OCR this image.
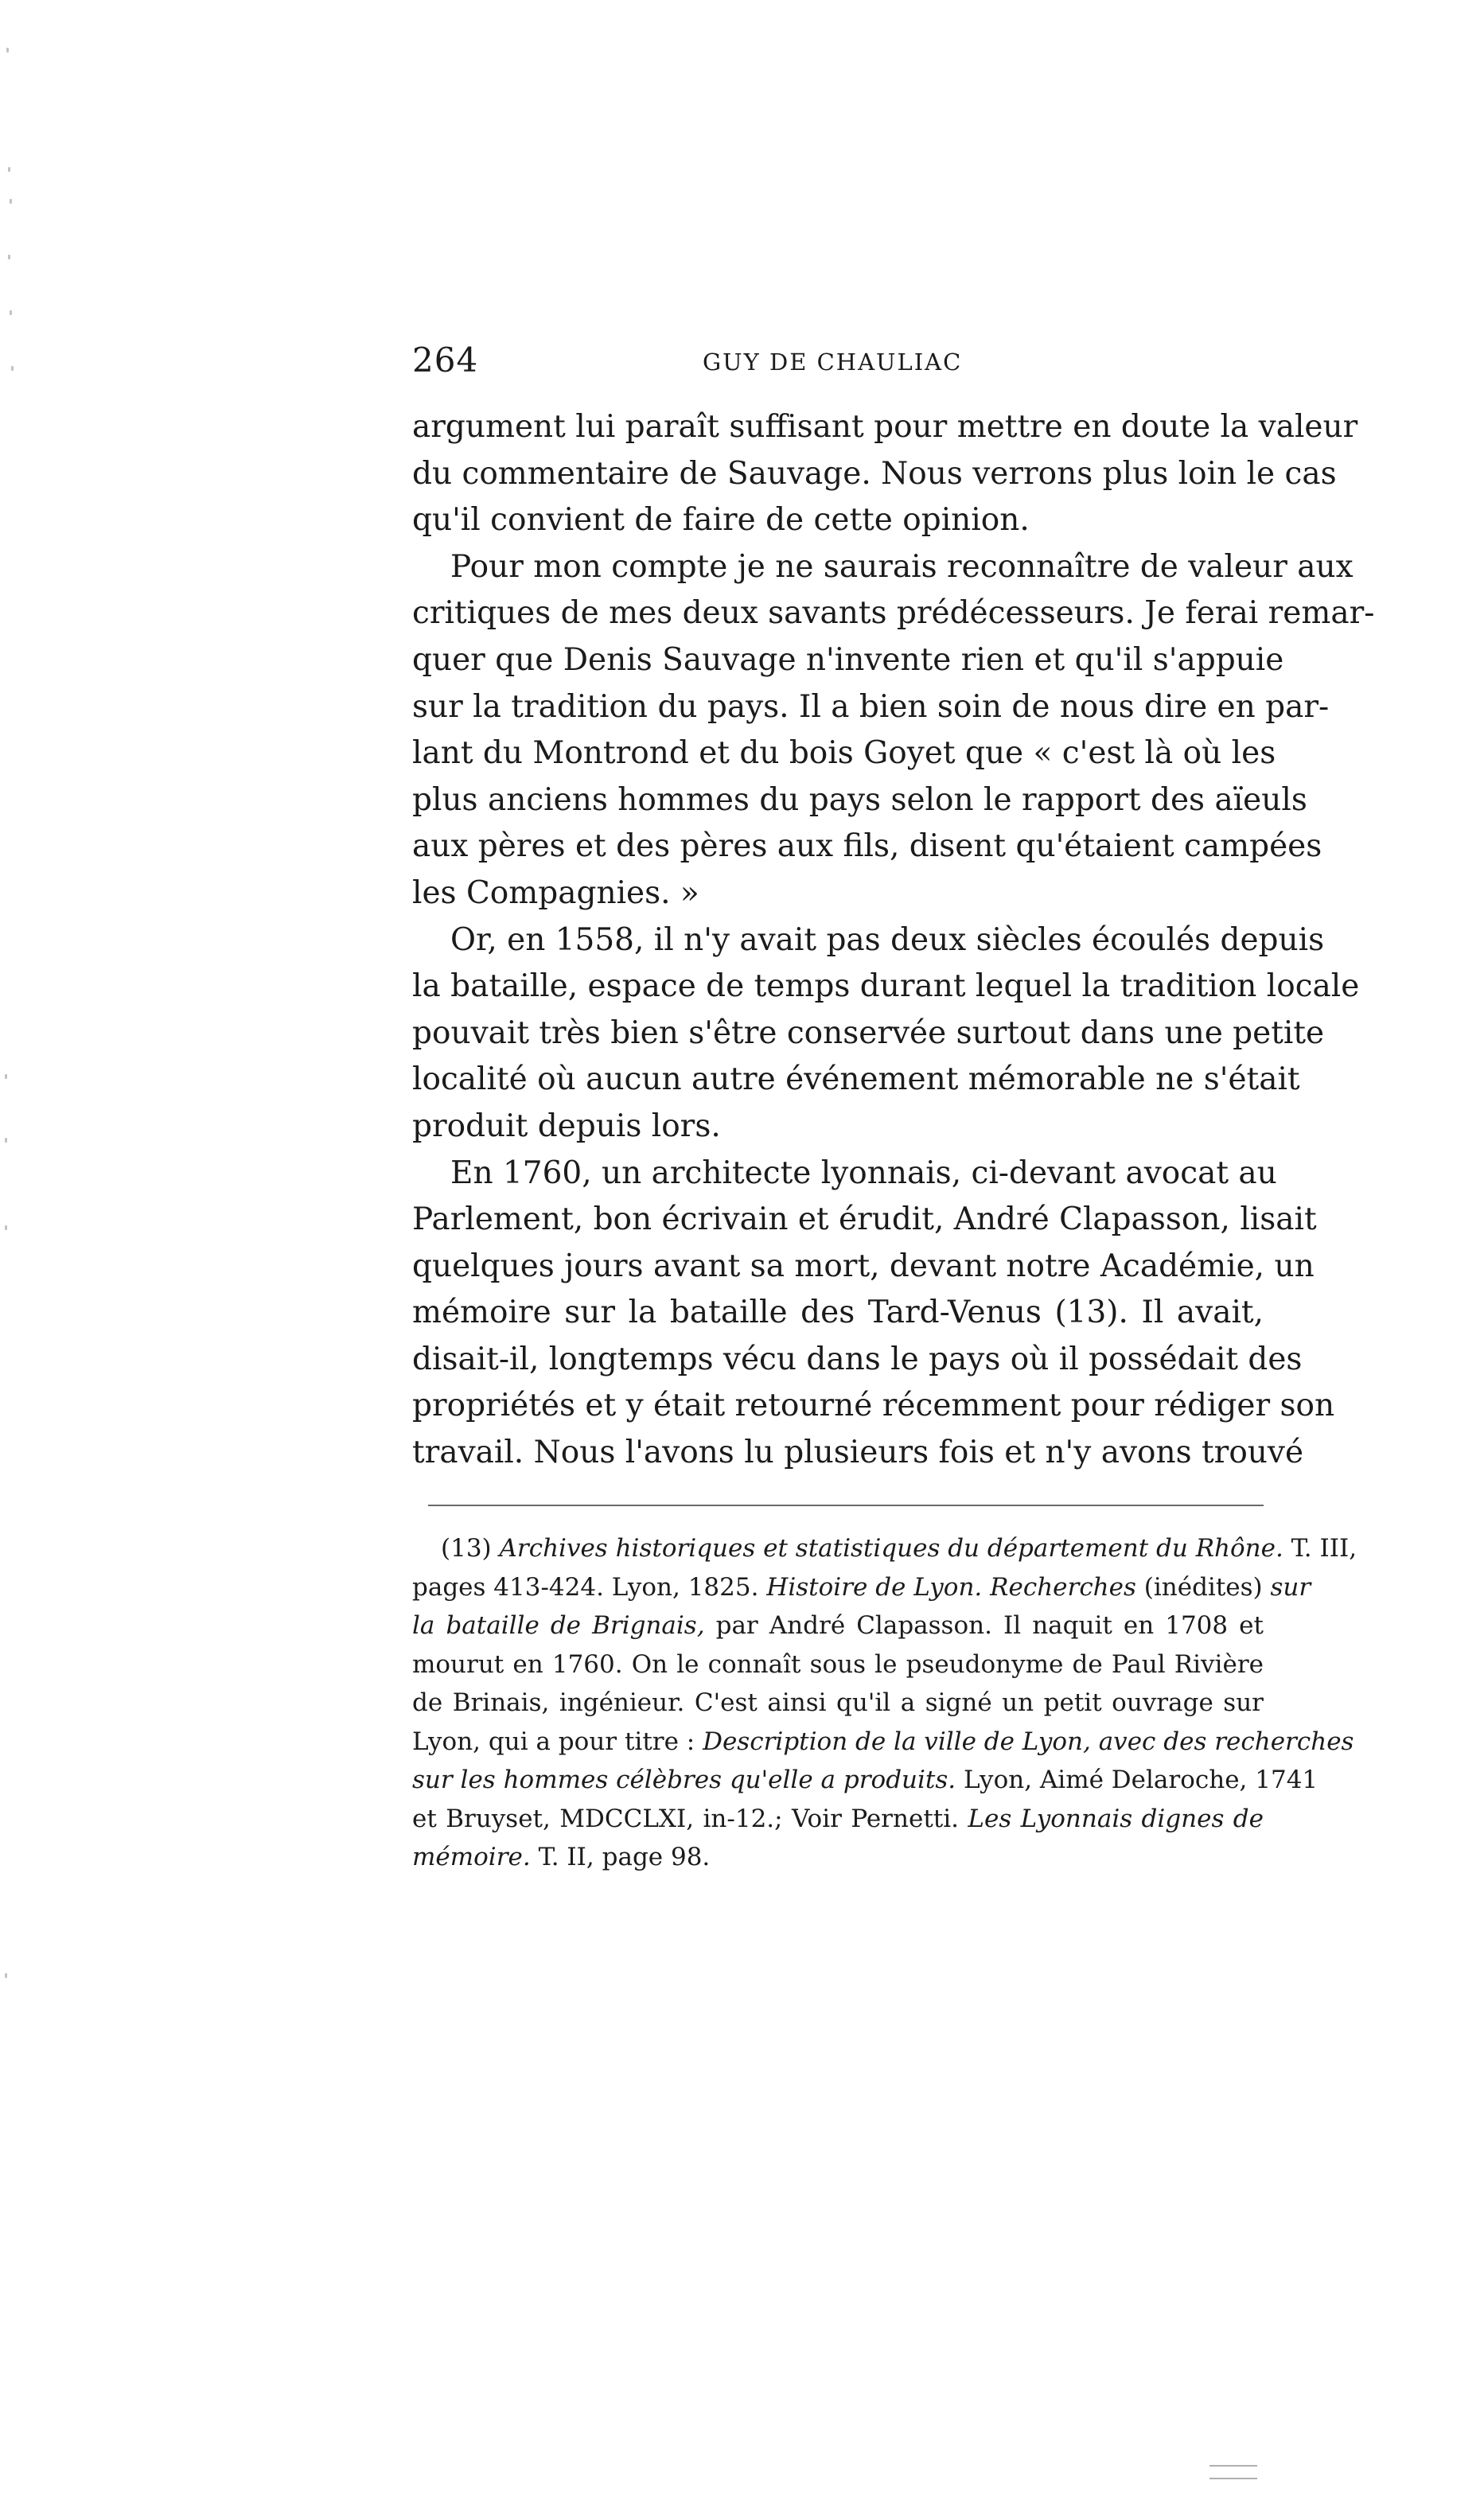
264	GUY DE CHAULIAC
argument lui paraît suffisant pour mettre en doute la valeur
du commentaire de Sauvage. Nous verrons plus loin le cas
qu'il convient de faire de cette opinion.
Pour mon compte je ne saurais reconnaître de valeur aux
critiques de mes deux savants prédécesseurs. Je ferai remar-
quer que Denis Sauvage n'invente rien et qu'il s'appuie
sur la tradition du pays. Il a bien soin de nous dire en par-
lant du Montrond et du bois Goyet que « c'est là où les
plus anciens hommes du pays selon le rapport des aïeuls
aux pères et des pères aux fils, disent qu'étaient campées
les Compagnies. »
Or, en 1558, il n'y avait pas deux siècles écoulés depuis
la bataille, espace de temps durant lequel la tradition locale
pouvait très bien s'être conservée surtout dans une petite
localité où aucun autre événement mémorable ne s'était
produit depuis lors.
En 1760, un architecte lyonnais, ci-devant avocat au
Parlement, bon écrivain et érudit, André Clapasson, lisait
quelques jours avant sa mort, devant notre Académie, un
mémoire sur la bataille des Tard-Venus (13). Il avait,
disait-il, longtemps vécu dans le pays où il possédait des
propriétés et y était retourné récemment pour rédiger son
travail. Nous l'avons lu plusieurs fois et n'y avons trouvé
(13) Archives historiques et statistiques du département du Rhône. T. III,
pages 413-424. Lyon, 1825. Histoire de Lyon. Recherches (inédites) sur
la bataille de Brignais, par André Clapasson. Il naquit en 1708 et
mourut en 1760. On le connaît sous le pseudonyme de Paul Rivière
de Brinais, ingénieur. C'est ainsi qu'il a signé un petit ouvrage sur
Lyon, qui a pour titre : Description de la ville de Lyon, avec des recherches
sur les hommes célèbres qu'elle a produits. Lyon, Aimé Delaroche, 1741
et Bruyset, MDCCLXI, in-12.; Voir Pernetti. Les Lyonnais dignes de
mémoire. T. II, page 98.
